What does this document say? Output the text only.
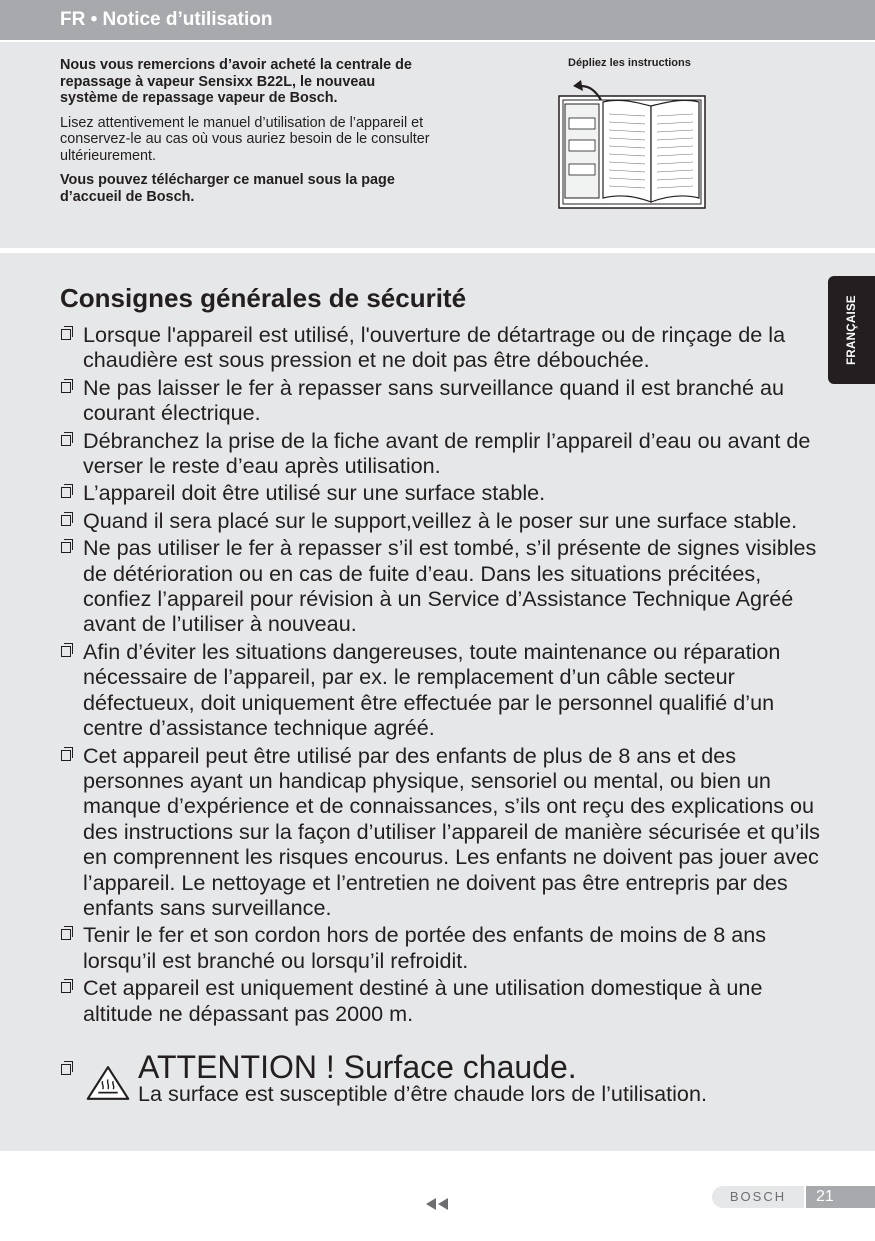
FR • Notice d’utilisation

Nous vous remercions d’avoir acheté la centrale de repassage à vapeur Sensixx B22L, le nouveau système de repassage vapeur de Bosch.

Lisez attentivement le manuel d’utilisation de l’appareil et conservez-le au cas où vous auriez besoin de le consulter ultérieurement.

Vous pouvez télécharger ce manuel sous la page d’accueil de Bosch.

Dépliez les instructions
FRANÇAISE
Consignes générales de sécurité
Lorsque l'appareil est utilisé, l'ouverture de détartrage ou de rinçage de la chaudière est sous pression et ne doit pas être débouchée.
Ne pas laisser le fer à repasser sans surveillance quand il est branché au courant électrique.
Débranchez la prise de la fiche avant de remplir l’appareil d’eau ou avant de verser le reste d’eau après utilisation.
L’appareil doit être utilisé sur une surface stable.
Quand il sera placé sur le support,veillez à le poser sur une surface stable.
Ne pas utiliser le fer à repasser s’il est tombé, s’il présente de signes visibles de détérioration ou en cas de fuite d’eau. Dans les situations précitées, confiez l’appareil pour révision à un Service d’Assistance Technique Agréé avant de l’utiliser à nouveau.
Afin d’éviter les situations dangereuses, toute maintenance ou réparation nécessaire de l’appareil, par ex. le remplacement d’un câble secteur défectueux, doit uniquement être effectuée par le personnel qualifié d’un centre d’assistance technique agréé.
Cet appareil peut être utilisé par des enfants de plus de 8 ans et des personnes ayant un handicap physique, sensoriel ou mental, ou bien un manque d’expérience et de connaissances, s’ils ont reçu des explications ou des instructions sur la façon d’utiliser l’appareil de manière sécurisée et qu’ils en comprennent les risques encourus. Les enfants ne doivent pas jouer avec l’appareil. Le nettoyage et l’entretien ne doivent pas être entrepris par des enfants sans surveillance.
Tenir le fer et son cordon hors de portée des enfants de moins de 8 ans lorsqu’il est branché ou lorsqu’il refroidit.
Cet appareil est uniquement destiné à une utilisation domestique à une altitude ne dépassant pas 2000 m.
ATTENTION ! Surface chaude.
La surface est susceptible d’être chaude lors de l’utilisation.
BOSCH	21
